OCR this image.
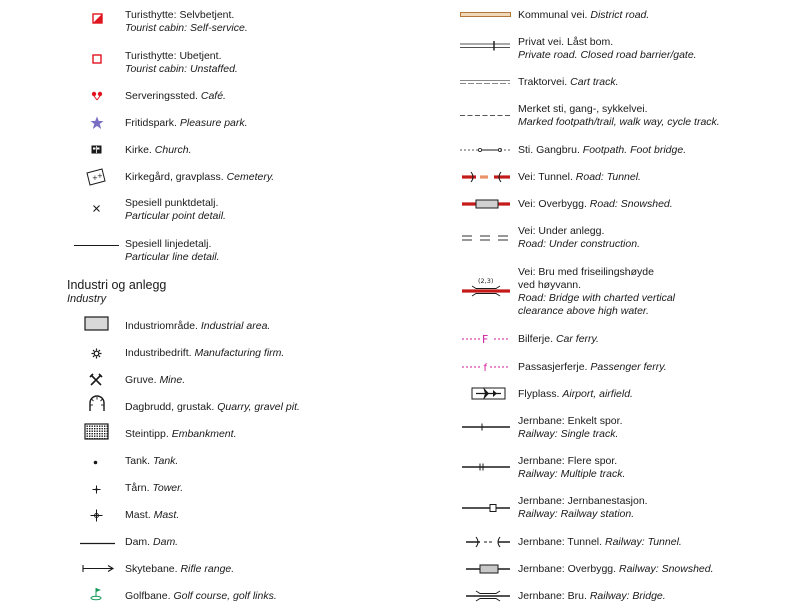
Turisthytte: Selvbetjent.
Tourist cabin: Self-service.
Turisthytte: Ubetjent.
Tourist cabin: Unstaffed.
Serveringssted. Café.
Fritidspark. Pleasure park.
Kirke. Church.
+ + Kirkegård, gravplass. Cemetery.
Spesiell punktdetalj.
Particular point detail.
Spesiell linjedetalj.
Particular line detail.
Industri og anlegg
Industry
Industriområde. Industrial area.
Industribedrift. Manufacturing firm.
Gruve. Mine.
Dagbrudd, grustak. Quarry, gravel pit.
Steintipp. Embankment.
Tank. Tank.
Tårn. Tower.
Mast. Mast.
Dam. Dam.
Skytebane. Rifle range.
Golfbane. Golf course, golf links.
Kommunal vei. District road.
Privat vei. Låst bom.
Private road. Closed road barrier/gate.
Traktorvei. Cart track.
Merket sti, gang-, sykkelvei.
Marked footpath/trail, walk way, cycle track.
Sti. Gangbru. Footpath. Foot bridge.
Vei: Tunnel. Road: Tunnel.
Vei: Overbygg. Road: Snowshed.
Vei: Under anlegg.
Road: Under construction.
(2,3)
Vei: Bru med friseilingshøyde
ved høyvann.
Road: Bridge with charted vertical
clearance above high water.
F	Bilferje. Car ferry.
f	Passasjerferje. Passenger ferry.
Flyplass. Airport, airfield.
Jernbane: Enkelt spor.
Railway: Single track.
Jernbane: Flere spor.
Railway: Multiple track.
Jernbane: Jernbanestasjon.
Railway: Railway station.
Jernbane: Tunnel. Railway: Tunnel.
Jernbane: Overbygg. Railway: Snowshed.
Jernbane: Bru. Railway: Bridge.
